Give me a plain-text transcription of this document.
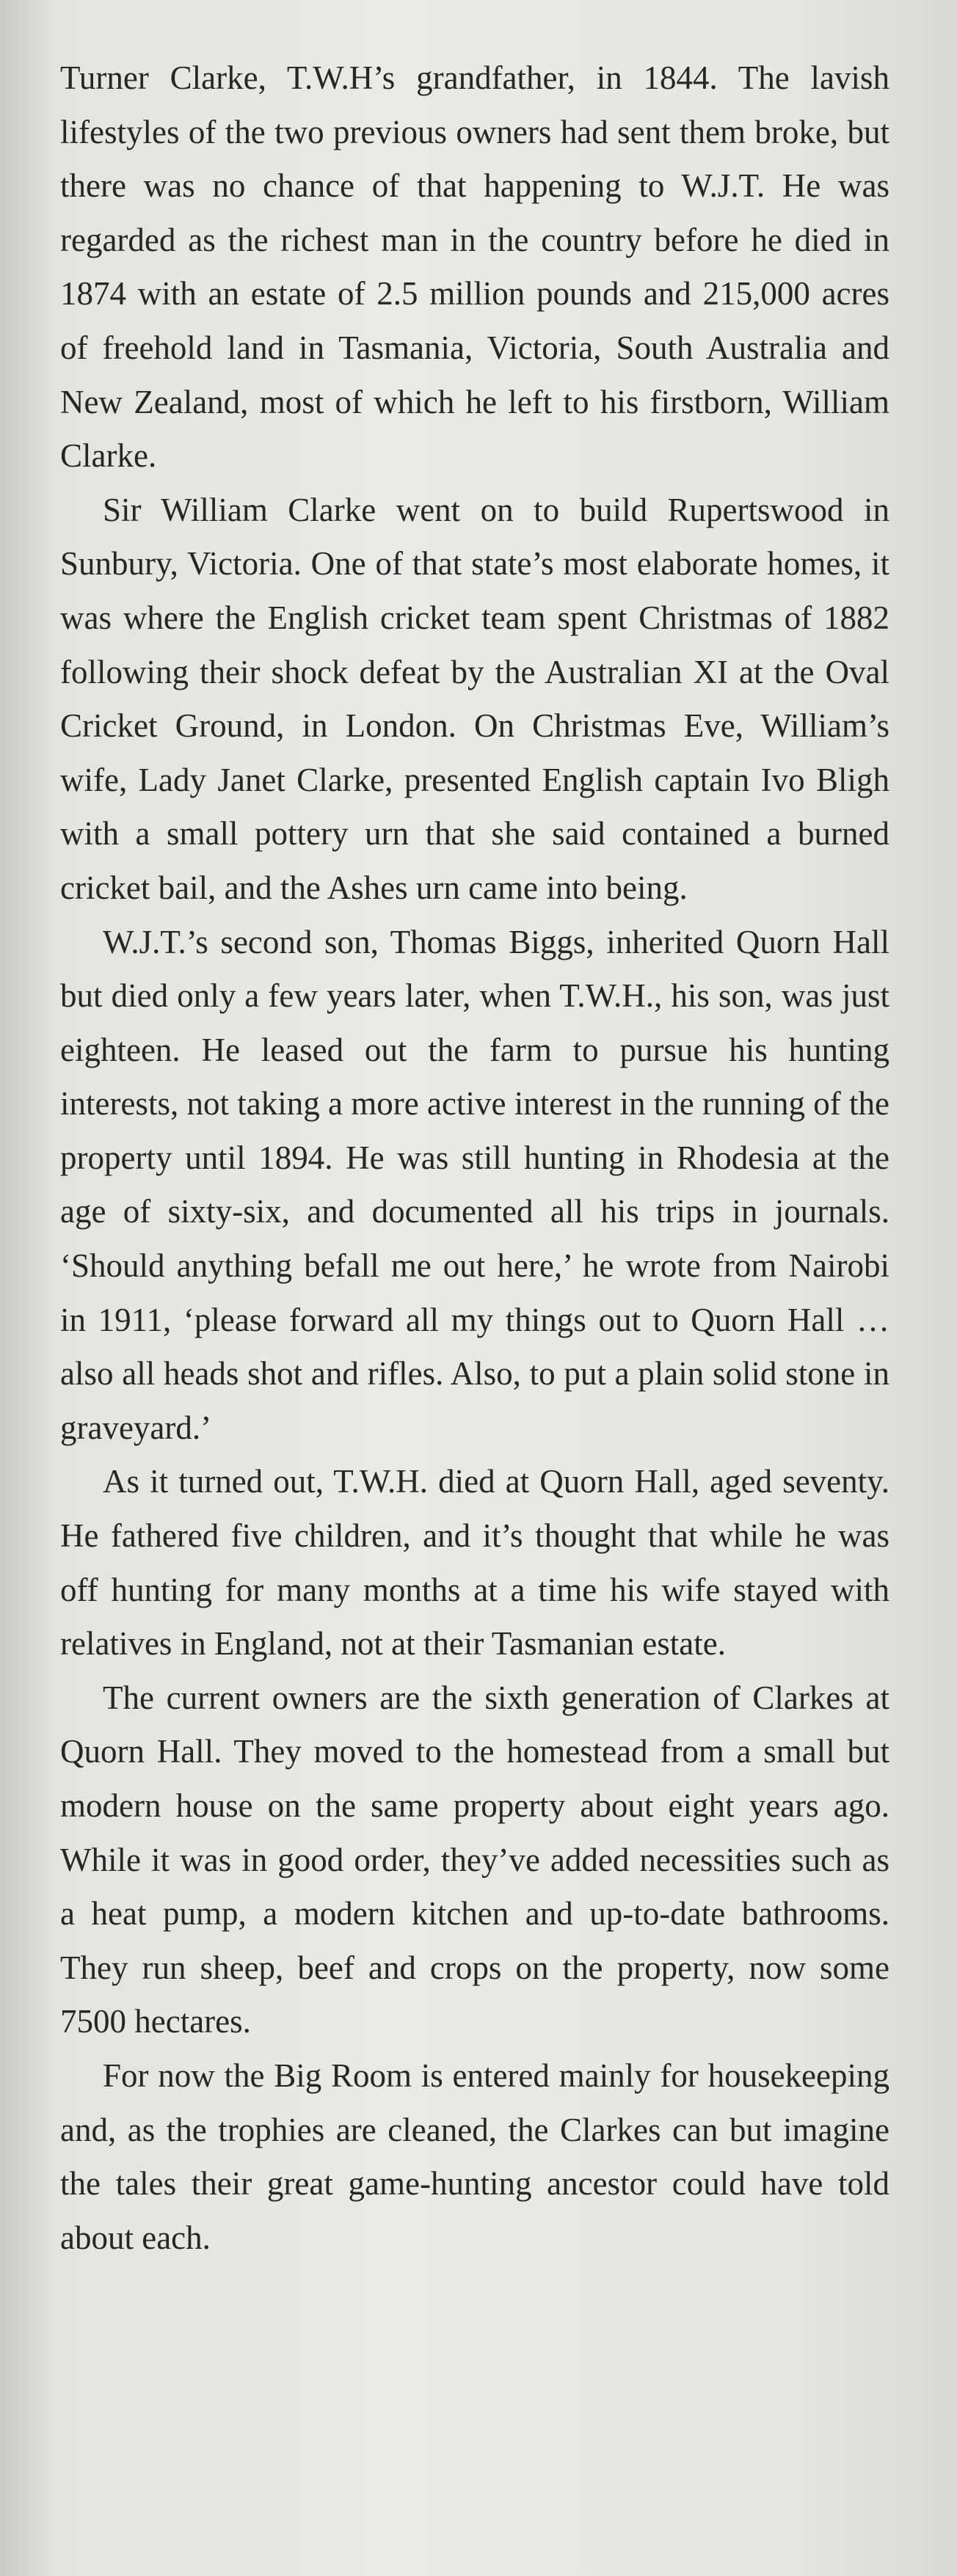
Turner Clarke, T.W.H’s grandfather, in 1844. The lavish lifestyles of the two previous owners had sent them broke, but there was no chance of that happening to W.J.T. He was regarded as the richest man in the country before he died in 1874 with an estate of 2.5 million pounds and 215,000 acres of freehold land in Tasmania, Victoria, South Australia and New Zealand, most of which he left to his firstborn, William Clarke.

Sir William Clarke went on to build Rupertswood in Sunbury, Victoria. One of that state’s most elaborate homes, it was where the English cricket team spent Christmas of 1882 following their shock defeat by the Australian XI at the Oval Cricket Ground, in London. On Christmas Eve, William’s wife, Lady Janet Clarke, presented English captain Ivo Bligh with a small pottery urn that she said contained a burned cricket bail, and the Ashes urn came into being.

W.J.T.’s second son, Thomas Biggs, inherited Quorn Hall but died only a few years later, when T.W.H., his son, was just eighteen. He leased out the farm to pursue his hunting interests, not taking a more active interest in the running of the property until 1894. He was still hunting in Rhodesia at the age of sixty-six, and documented all his trips in journals. ‘Should anything befall me out here,’ he wrote from Nairobi in 1911, ‘please forward all my things out to Quorn Hall … also all heads shot and rifles. Also, to put a plain solid stone in graveyard.’

As it turned out, T.W.H. died at Quorn Hall, aged seventy. He fathered five children, and it’s thought that while he was off hunting for many months at a time his wife stayed with relatives in England, not at their Tasmanian estate.

The current owners are the sixth generation of Clarkes at Quorn Hall. They moved to the homestead from a small but modern house on the same property about eight years ago. While it was in good order, they’ve added necessities such as a heat pump, a modern kitchen and up-to-date bathrooms. They run sheep, beef and crops on the property, now some 7500 hectares.

For now the Big Room is entered mainly for housekeeping and, as the trophies are cleaned, the Clarkes can but imagine the tales their great game-hunting ancestor could have told about each.
